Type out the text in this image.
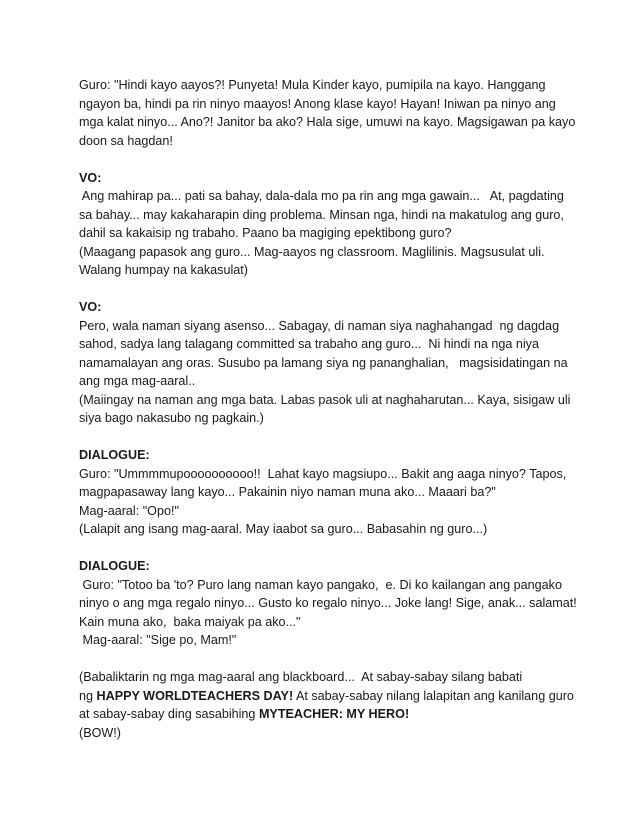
Guro: "Hindi kayo aayos?! Punyeta! Mula Kinder kayo, pumipila na kayo. Hanggang
ngayon ba, hindi pa rin ninyo maayos! Anong klase kayo! Hayan! Iniwan pa ninyo ang
mga kalat ninyo... Ano?! Janitor ba ako? Hala sige, umuwi na kayo. Magsigawan pa kayo
doon sa hagdan!
VO:
Ang mahirap pa... pati sa bahay, dala-dala mo pa rin ang mga gawain...   At, pagdating
sa bahay... may kakaharapin ding problema. Minsan nga, hindi na makatulog ang guro,
dahil sa kakaisip ng trabaho. Paano ba magiging epektibong guro?
(Maagang papasok ang guro... Mag-aayos ng classroom. Maglilinis. Magsusulat uli.
Walang humpay na kakasulat)
VO:
Pero, wala naman siyang asenso... Sabagay, di naman siya naghahangad  ng dagdag
sahod, sadya lang talagang committed sa trabaho ang guro...  Ni hindi na nga niya
namamalayan ang oras. Susubo pa lamang siya ng pananghalian,   magsisidatingan na
ang mga mag-aaral..
(Maiingay na naman ang mga bata. Labas pasok uli at naghaharutan... Kaya, sisigaw uli
siya bago nakasubo ng pagkain.)
DIALOGUE:
Guro: "Ummmmupoooooooooo!!  Lahat kayo magsiupo... Bakit ang aaga ninyo? Tapos,
magpapasaway lang kayo... Pakainin niyo naman muna ako... Maaari ba?"
Mag-aaral: "Opo!"
(Lalapit ang isang mag-aaral. May iaabot sa guro... Babasahin ng guro...)
DIALOGUE:
Guro: "Totoo ba 'to? Puro lang naman kayo pangako,  e. Di ko kailangan ang pangako
ninyo o ang mga regalo ninyo... Gusto ko regalo ninyo... Joke lang! Sige, anak... salamat!
Kain muna ako,  baka maiyak pa ako..."
Mag-aaral: "Sige po, Mam!"
(Babaliktarin ng mga mag-aaral ang blackboard...  At sabay-sabay silang babati
ng HAPPY WORLDTEACHERS DAY! At sabay-sabay nilang lalapitan ang kanilang guro
at sabay-sabay ding sasabihing MYTEACHER: MY HERO!
(BOW!)
